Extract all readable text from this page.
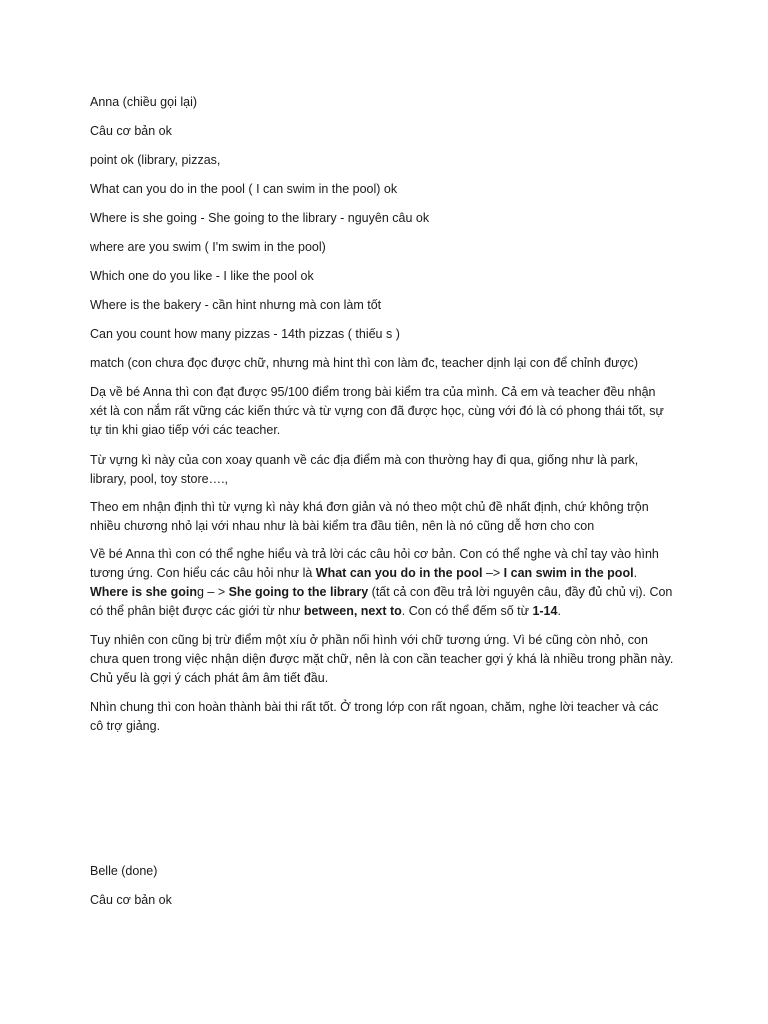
Anna (chiều gọi lại)
Câu cơ bản ok
point ok (library, pizzas,
What can you do in the pool ( I can swim in the pool) ok
Where is she going - She going to the library - nguyên câu ok
where are you swim ( I'm swim in the pool)
Which one do you like - I like the pool ok
Where is the bakery - cần hint nhưng mà con làm tốt
Can you count how many pizzas - 14th pizzas ( thiếu s )
match (con chưa đọc được chữ, nhưng mà hint thì con làm đc, teacher dịnh lại con để chỉnh được)
Dạ về bé Anna thì con đạt được 95/100 điểm trong bài kiểm tra của mình. Cả em và teacher đều nhận xét là con nắm rất vững các kiến thức và từ vựng con đã được học, cùng với đó là có phong thái tốt, sự tự tin khi giao tiếp với các teacher.
Từ vựng kì này của con xoay quanh về các địa điểm mà con thường hay đi qua, giống như là park, library, pool, toy store….,
Theo em nhận định thì từ vựng kì này khá đơn giản và nó theo một chủ đề nhất định, chứ không trộn nhiều chương nhỏ lại với nhau như là bài kiểm tra đầu tiên, nên là nó cũng dễ hơn cho con
Về bé Anna thì con có thể nghe hiểu và trả lời các câu hỏi cơ bản. Con có thể nghe và chỉ tay vào hình tương ứng. Con hiểu các câu hỏi như là What can you do in the pool –> I can swim in the pool. Where is she going – > She going to the library (tất cả con đều trả lời nguyên câu, đầy đủ chủ vị). Con có thể phân biệt được các giới từ như between, next to. Con có thể đếm số từ 1-14.
Tuy nhiên con cũng bị trừ điểm một xíu ở phần nối hình với chữ tương ứng. Vì bé cũng còn nhỏ, con chưa quen trong việc nhận diện được mặt chữ, nên là con cần teacher gợi ý khá là nhiều trong phần này. Chủ yếu là gợi ý cách phát âm âm tiết đầu.
Nhìn chung thì con hoàn thành bài thi rất tốt. Ở trong lớp con rất ngoan, chăm, nghe lời teacher và các cô trợ giảng.
Belle (done)
Câu cơ bản ok
